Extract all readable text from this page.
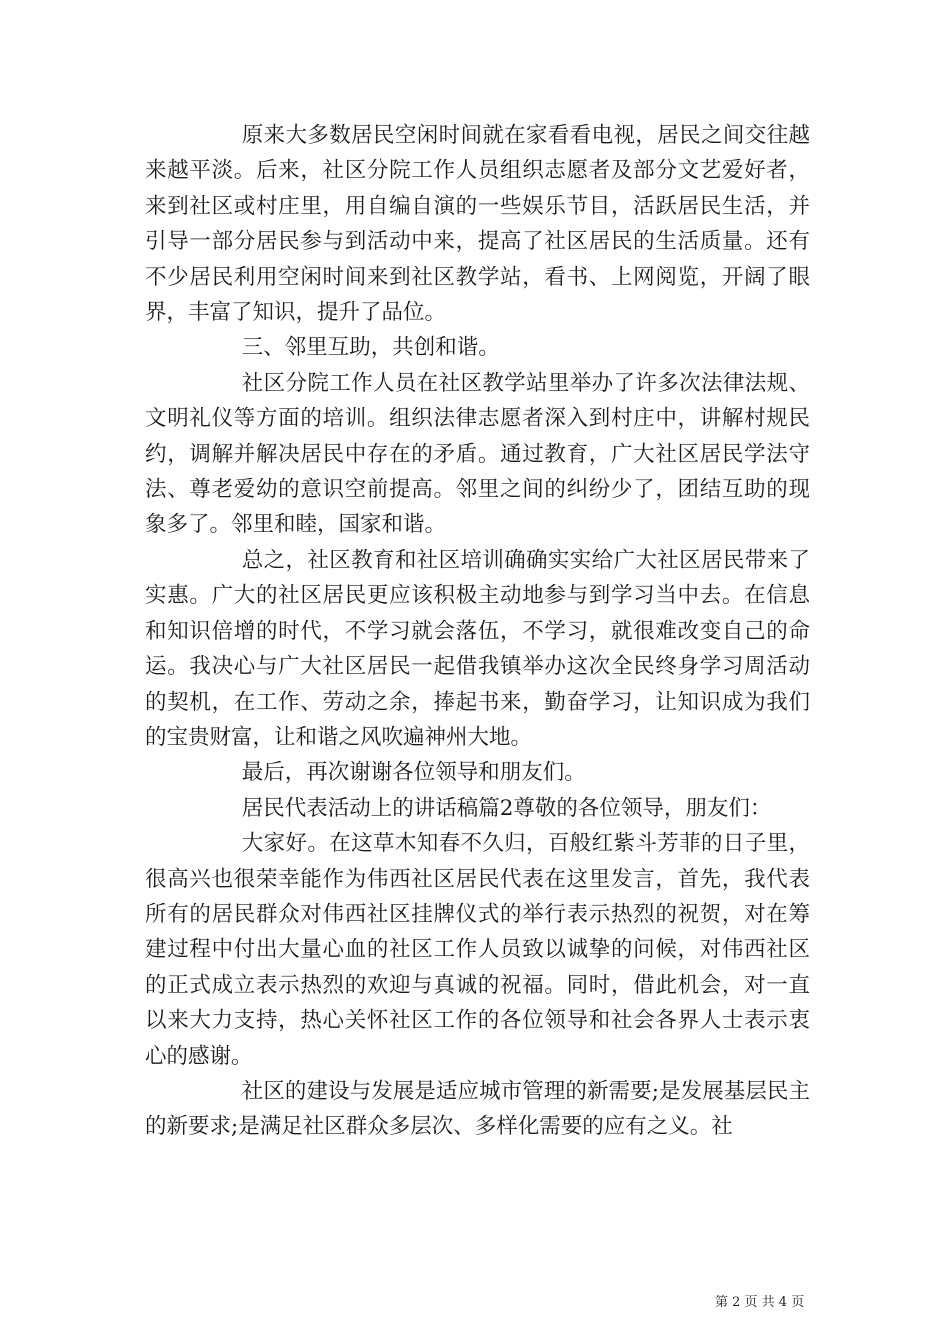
原来大多数居民空闲时间就在家看看电视，居民之间交往越来越平淡。后来，社区分院工作人员组织志愿者及部分文艺爱好者，来到社区或村庄里，用自编自演的一些娱乐节目，活跃居民生活，并引导一部分居民参与到活动中来，提高了社区居民的生活质量。还有不少居民利用空闲时间来到社区教学站，看书、上网阅览，开阔了眼界，丰富了知识，提升了品位。

三、邻里互助，共创和谐。

社区分院工作人员在社区教学站里举办了许多次法律法规、文明礼仪等方面的培训。组织法律志愿者深入到村庄中，讲解村规民约，调解并解决居民中存在的矛盾。通过教育，广大社区居民学法守法、尊老爱幼的意识空前提高。邻里之间的纠纷少了，团结互助的现象多了。邻里和睦，国家和谐。

总之，社区教育和社区培训确确实实给广大社区居民带来了实惠。广大的社区居民更应该积极主动地参与到学习当中去。在信息和知识倍增的时代，不学习就会落伍，不学习，就很难改变自己的命运。我决心与广大社区居民一起借我镇举办这次全民终身学习周活动的契机，在工作、劳动之余，捧起书来，勤奋学习，让知识成为我们的宝贵财富，让和谐之风吹遍神州大地。

最后，再次谢谢各位领导和朋友们。

居民代表活动上的讲话稿篇2尊敬的各位领导，朋友们：

大家好。在这草木知春不久归，百般红紫斗芳菲的日子里，很高兴也很荣幸能作为伟西社区居民代表在这里发言，首先，我代表所有的居民群众对伟西社区挂牌仪式的举行表示热烈的祝贺，对在筹建过程中付出大量心血的社区工作人员致以诚挚的问候，对伟西社区的正式成立表示热烈的欢迎与真诚的祝福。同时，借此机会，对一直以来大力支持，热心关怀社区工作的各位领导和社会各界人士表示衷心的感谢。

社区的建设与发展是适应城市管理的新需要;是发展基层民主的新要求;是满足社区群众多层次、多样化需要的应有之义。社

第 2 页 共 4 页
